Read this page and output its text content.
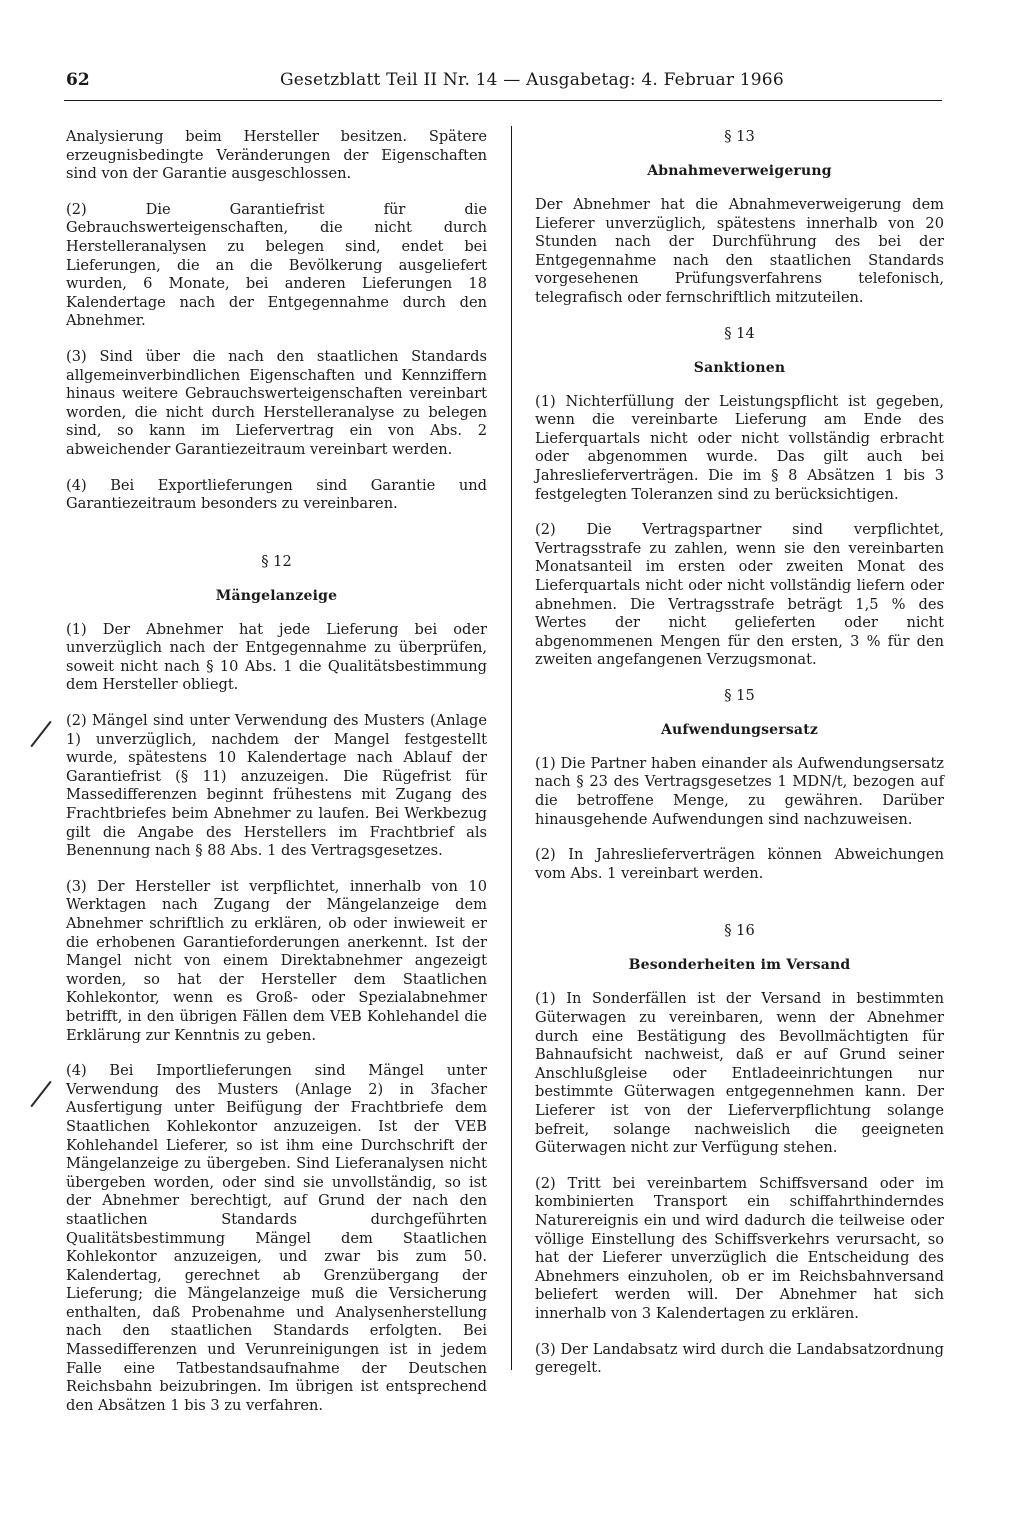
62	Gesetzblatt Teil II Nr. 14 — Ausgabetag: 4. Februar 1966

Analysierung beim Hersteller besitzen. Spätere erzeugnisbedingte Veränderungen der Eigenschaften sind von der Garantie ausgeschlossen.

(2) Die Garantiefrist für die Gebrauchswerteigenschaften, die nicht durch Herstelleranalysen zu belegen sind, endet bei Lieferungen, die an die Bevölkerung ausgeliefert wurden, 6 Monate, bei anderen Lieferungen 18 Kalendertage nach der Entgegennahme durch den Abnehmer.

(3) Sind über die nach den staatlichen Standards allgemeinverbindlichen Eigenschaften und Kennziffern hinaus weitere Gebrauchswerteigenschaften vereinbart worden, die nicht durch Herstelleranalyse zu belegen sind, so kann im Liefervertrag ein von Abs. 2 abweichender Garantiezeitraum vereinbart werden.

(4) Bei Exportlieferungen sind Garantie und Garantiezeitraum besonders zu vereinbaren.

§ 12
Mängelanzeige

(1) Der Abnehmer hat jede Lieferung bei oder unverzüglich nach der Entgegennahme zu überprüfen, soweit nicht nach § 10 Abs. 1 die Qualitätsbestimmung dem Hersteller obliegt.

(2) Mängel sind unter Verwendung des Musters (Anlage 1) unverzüglich, nachdem der Mangel festgestellt wurde, spätestens 10 Kalendertage nach Ablauf der Garantiefrist (§ 11) anzuzeigen. Die Rügefrist für Massedifferenzen beginnt frühestens mit Zugang des Frachtbriefes beim Abnehmer zu laufen. Bei Werkbezug gilt die Angabe des Herstellers im Frachtbrief als Benennung nach § 88 Abs. 1 des Vertragsgesetzes.

(3) Der Hersteller ist verpflichtet, innerhalb von 10 Werktagen nach Zugang der Mängelanzeige dem Abnehmer schriftlich zu erklären, ob oder inwieweit er die erhobenen Garantieforderungen anerkennt. Ist der Mangel nicht von einem Direktabnehmer angezeigt worden, so hat der Hersteller dem Staatlichen Kohlekontor, wenn es Groß- oder Spezialabnehmer betrifft, in den übrigen Fällen dem VEB Kohlehandel die Erklärung zur Kenntnis zu geben.

(4) Bei Importlieferungen sind Mängel unter Verwendung des Musters (Anlage 2) in 3facher Ausfertigung unter Beifügung der Frachtbriefe dem Staatlichen Kohlekontor anzuzeigen. Ist der VEB Kohlehandel Lieferer, so ist ihm eine Durchschrift der Mängelanzeige zu übergeben. Sind Lieferanalysen nicht übergeben worden, oder sind sie unvollständig, so ist der Abnehmer berechtigt, auf Grund der nach den staatlichen Standards durchgeführten Qualitätsbestimmung Mängel dem Staatlichen Kohlekontor anzuzeigen, und zwar bis zum 50. Kalendertag, gerechnet ab Grenzübergang der Lieferung; die Mängelanzeige muß die Versicherung enthalten, daß Probenahme und Analysenherstellung nach den staatlichen Standards erfolgten. Bei Massedifferenzen und Verunreinigungen ist in jedem Falle eine Tatbestandsaufnahme der Deutschen Reichsbahn beizubringen. Im übrigen ist entsprechend den Absätzen 1 bis 3 zu verfahren.

§ 13
Abnahmeverweigerung

Der Abnehmer hat die Abnahmeverweigerung dem Lieferer unverzüglich, spätestens innerhalb von 20 Stunden nach der Durchführung des bei der Entgegennahme nach den staatlichen Standards vorgesehenen Prüfungsverfahrens telefonisch, telegrafisch oder fernschriftlich mitzuteilen.

§ 14
Sanktionen

(1) Nichterfüllung der Leistungspflicht ist gegeben, wenn die vereinbarte Lieferung am Ende des Lieferquartals nicht oder nicht vollständig erbracht oder abgenommen wurde. Das gilt auch bei Jahreslieferverträgen. Die im § 8 Absätzen 1 bis 3 festgelegten Toleranzen sind zu berücksichtigen.

(2) Die Vertragspartner sind verpflichtet, Vertragsstrafe zu zahlen, wenn sie den vereinbarten Monatsanteil im ersten oder zweiten Monat des Lieferquartals nicht oder nicht vollständig liefern oder abnehmen. Die Vertragsstrafe beträgt 1,5 % des Wertes der nicht gelieferten oder nicht abgenommenen Mengen für den ersten, 3 % für den zweiten angefangenen Verzugsmonat.

§ 15
Aufwendungsersatz

(1) Die Partner haben einander als Aufwendungsersatz nach § 23 des Vertragsgesetzes 1 MDN/t, bezogen auf die betroffene Menge, zu gewähren. Darüber hinausgehende Aufwendungen sind nachzuweisen.

(2) In Jahreslieferverträgen können Abweichungen vom Abs. 1 vereinbart werden.

§ 16
Besonderheiten im Versand

(1) In Sonderfällen ist der Versand in bestimmten Güterwagen zu vereinbaren, wenn der Abnehmer durch eine Bestätigung des Bevollmächtigten für Bahnaufsicht nachweist, daß er auf Grund seiner Anschlußgleise oder Entladeeinrichtungen nur bestimmte Güterwagen entgegennehmen kann. Der Lieferer ist von der Lieferverpflichtung solange befreit, solange nachweislich die geeigneten Güterwagen nicht zur Verfügung stehen.

(2) Tritt bei vereinbartem Schiffsversand oder im kombinierten Transport ein schiffahrthinderndes Naturereignis ein und wird dadurch die teilweise oder völlige Einstellung des Schiffsverkehrs verursacht, so hat der Lieferer unverzüglich die Entscheidung des Abnehmers einzuholen, ob er im Reichsbahnversand beliefert werden will. Der Abnehmer hat sich innerhalb von 3 Kalendertagen zu erklären.

(3) Der Landabsatz wird durch die Landabsatzordnung geregelt.
